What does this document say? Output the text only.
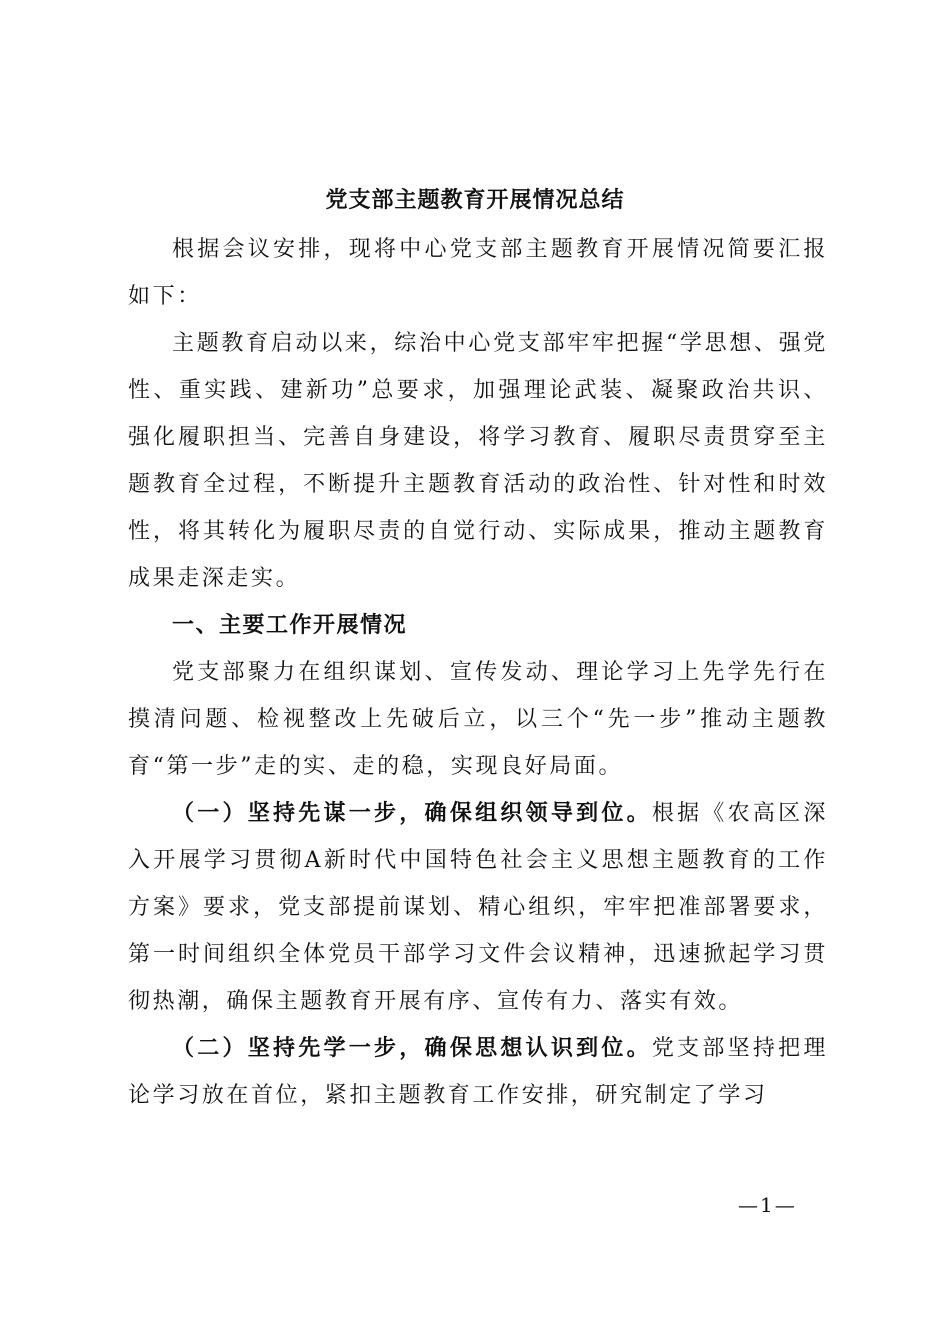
党支部主题教育开展情况总结

根据会议安排，现将中心党支部主题教育开展情况简要汇报如下：

主题教育启动以来，综治中心党支部牢牢把握“学思想、强党性、重实践、建新功”总要求，加强理论武装、凝聚政治共识、强化履职担当、完善自身建设，将学习教育、履职尽责贯穿至主题教育全过程，不断提升主题教育活动的政治性、针对性和时效性，将其转化为履职尽责的自觉行动、实际成果，推动主题教育成果走深走实。

一、主要工作开展情况

党支部聚力在组织谋划、宣传发动、理论学习上先学先行在摸清问题、检视整改上先破后立，以三个“先一步”推动主题教育“第一步”走的实、走的稳，实现良好局面。

（一）坚持先谋一步，确保组织领导到位。根据《农高区深入开展学习贯彻A新时代中国特色社会主义思想主题教育的工作方案》要求，党支部提前谋划、精心组织，牢牢把准部署要求，第一时间组织全体党员干部学习文件会议精神，迅速掀起学习贯彻热潮，确保主题教育开展有序、宣传有力、落实有效。

（二）坚持先学一步，确保思想认识到位。党支部坚持把理论学习放在首位，紧扣主题教育工作安排，研究制定了学习

—1—
